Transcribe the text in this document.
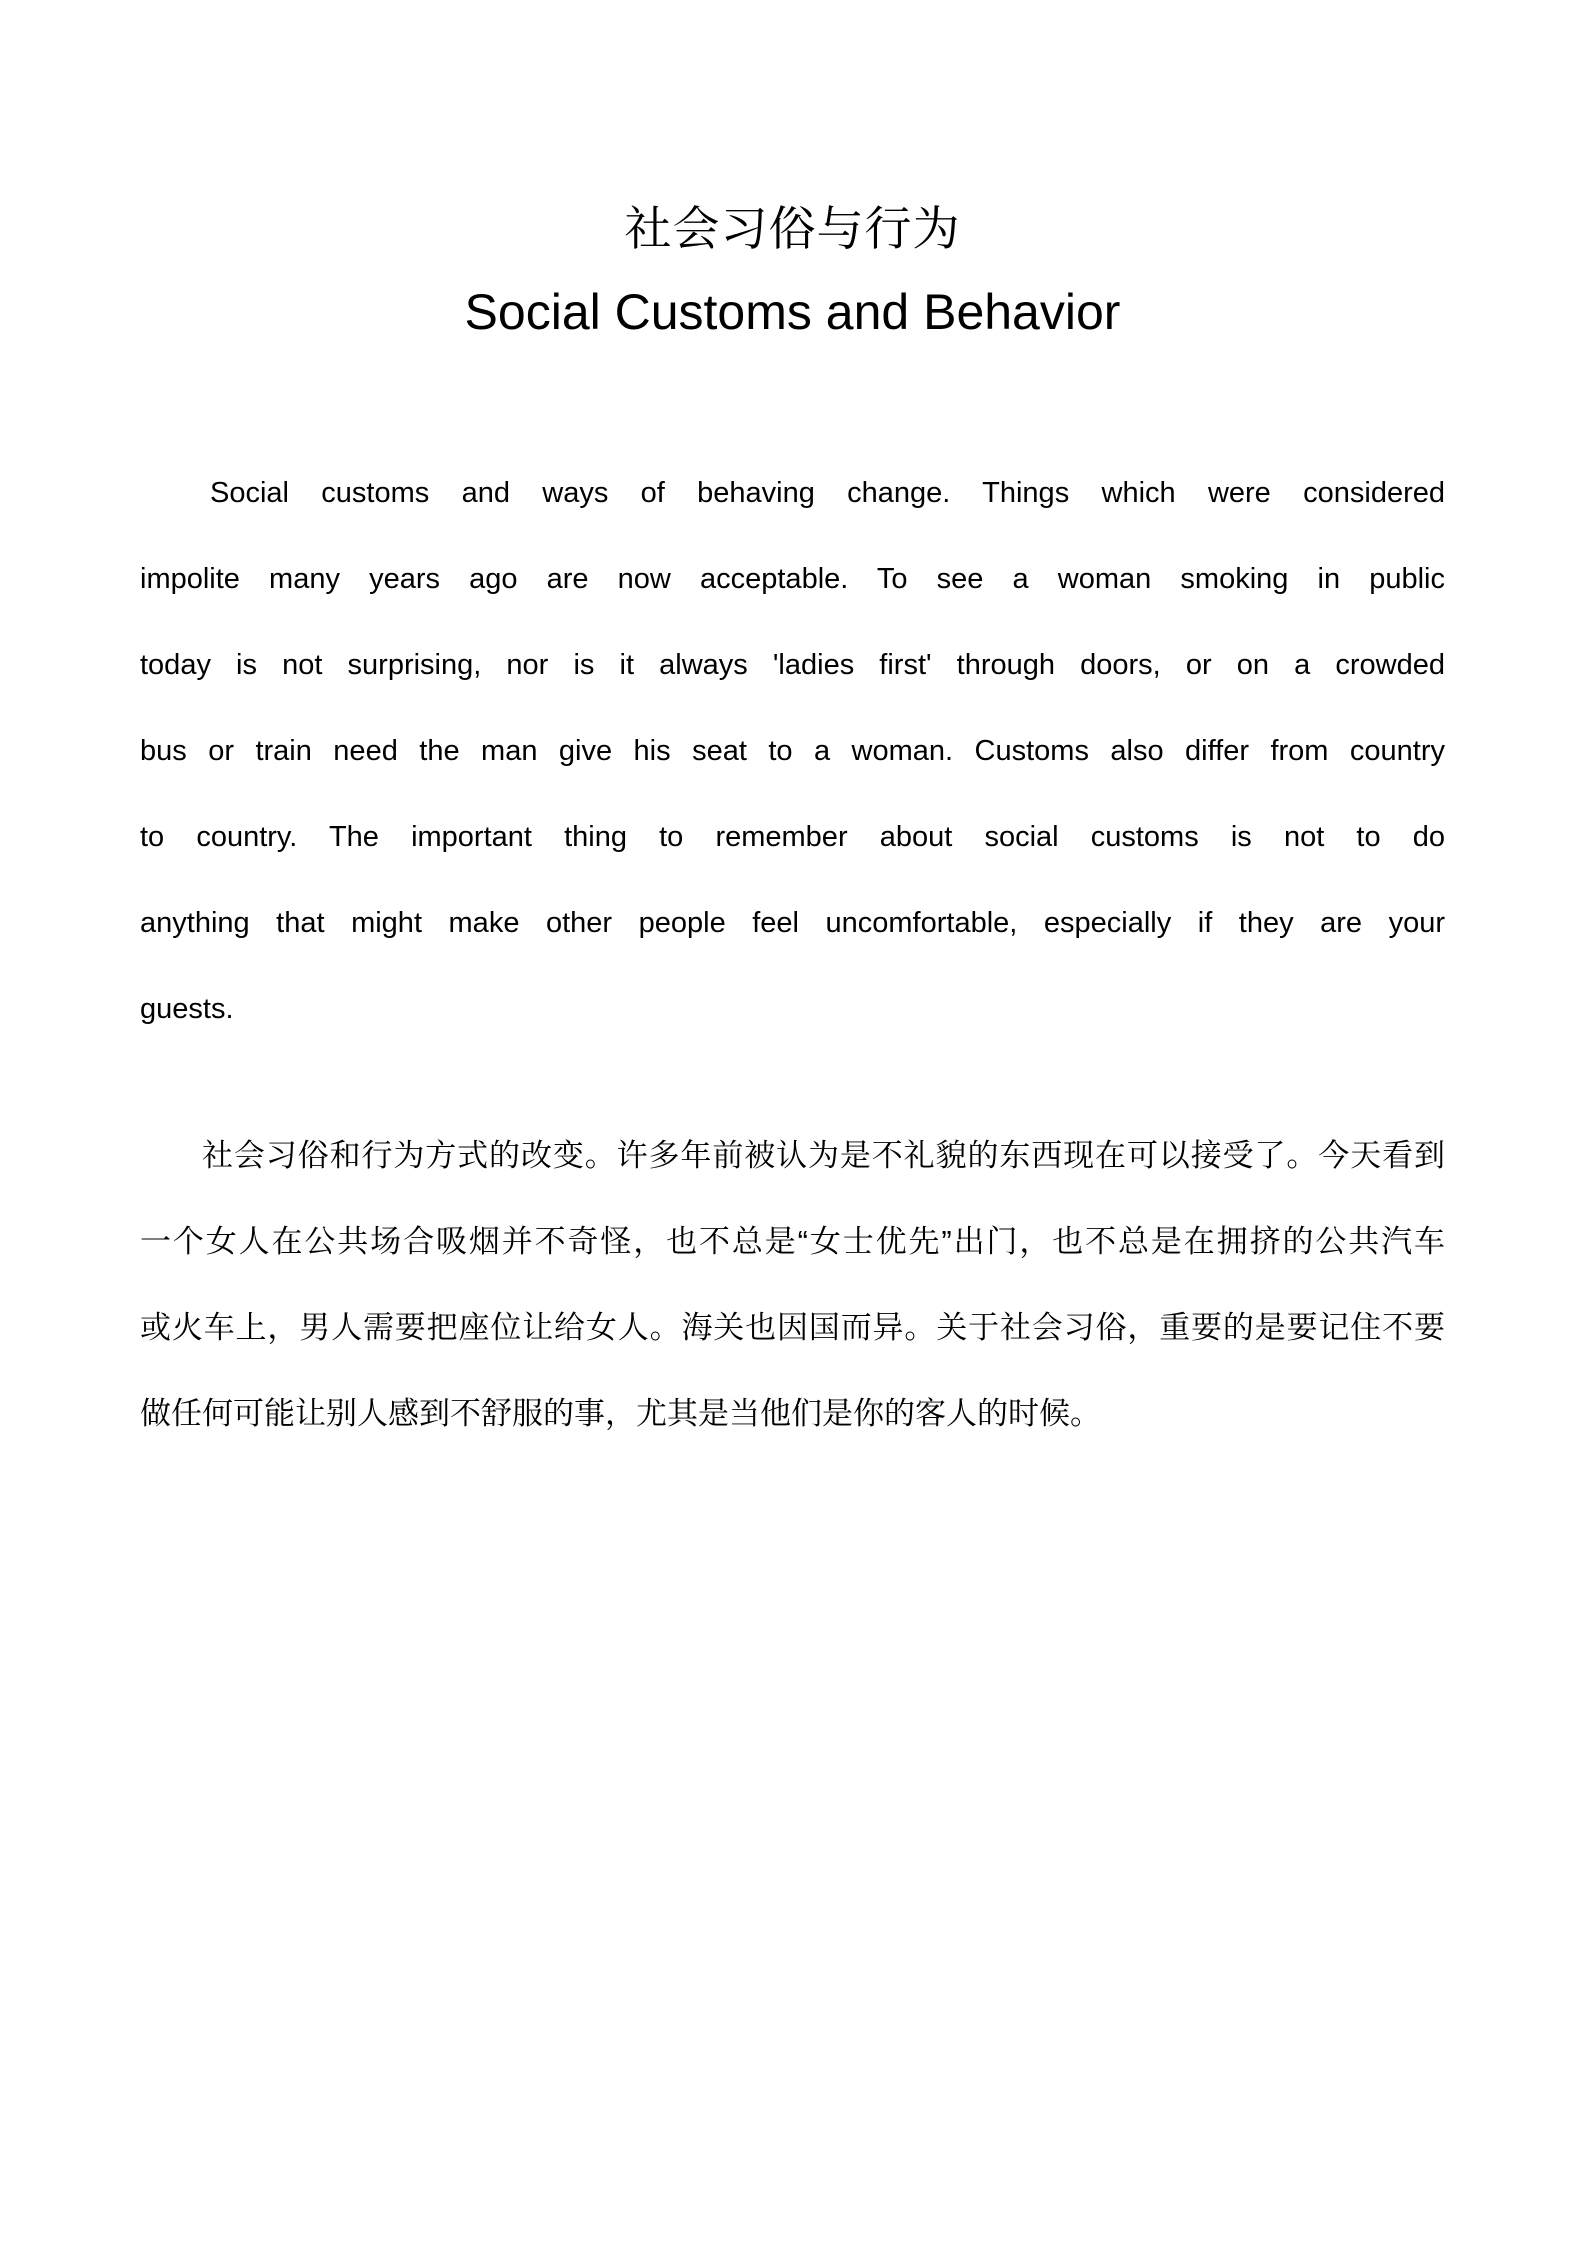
社会习俗与行为
Social Customs and Behavior
Social customs and ways of behaving change. Things which were considered
impolite many years ago are now acceptable. To see a woman smoking in public
today is not surprising, nor is it always 'ladies first' through doors, or on a crowded
bus or train need the man give his seat to a woman. Customs also differ from country
to country. The important thing to remember about social customs is not to do
anything that might make other people feel uncomfortable, especially if they are your
guests.
社会习俗和行为方式的改变。许多年前被认为是不礼貌的东西现在可以接受了。今天看到
一个女人在公共场合吸烟并不奇怪，也不总是“女士优先”出门，也不总是在拥挤的公共汽车
或火车上，男人需要把座位让给女人。海关也因国而异。关于社会习俗，重要的是要记住不要
做任何可能让别人感到不舒服的事，尤其是当他们是你的客人的时候。
